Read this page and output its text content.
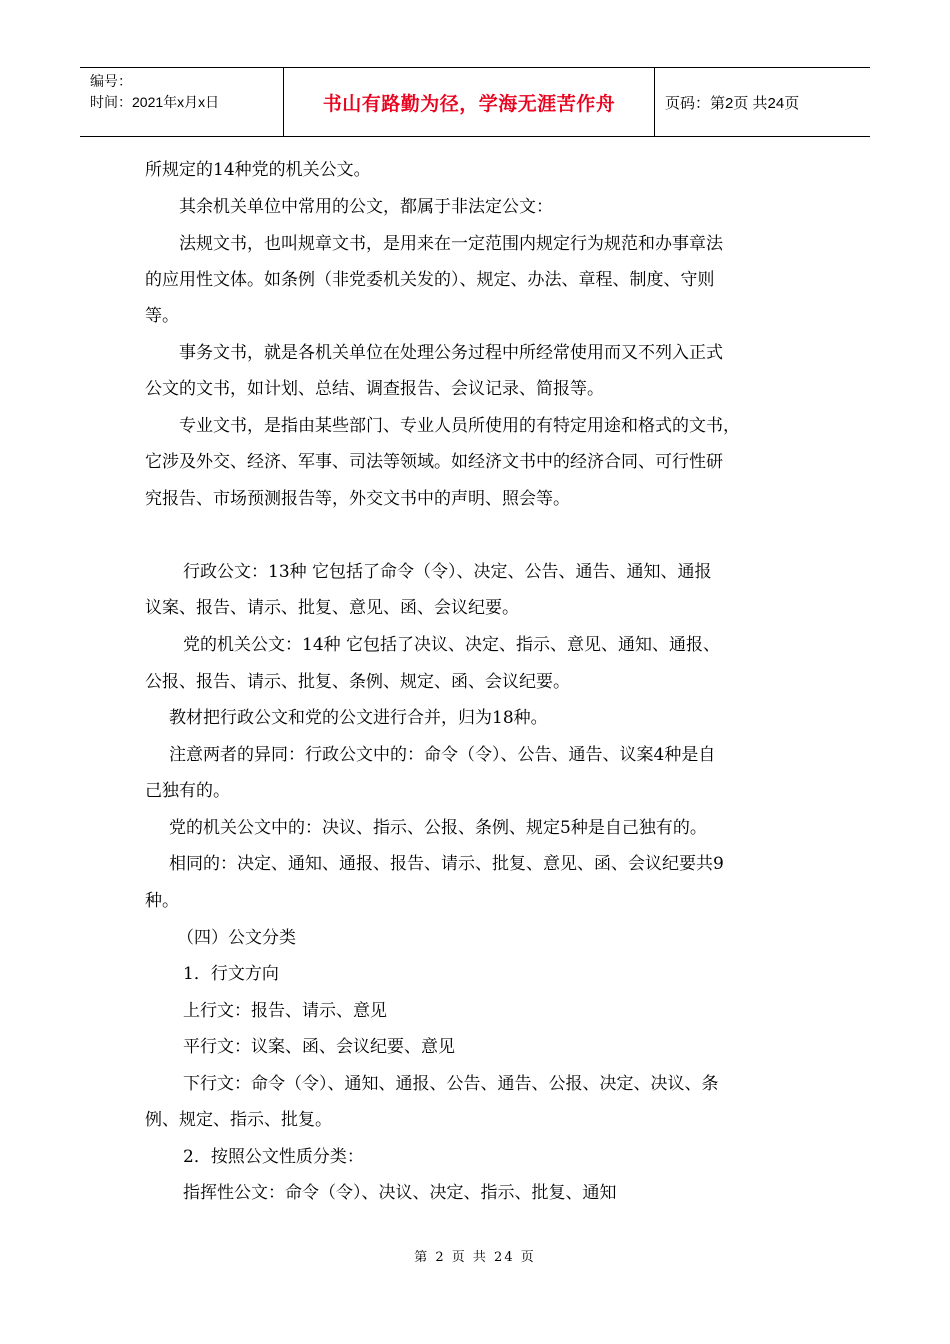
编号：
时间：2021年x月x日	书山有路勤为径，学海无涯苦作舟	页码：第2页 共24页
所规定的14种党的机关公文。
其余机关单位中常用的公文，都属于非法定公文：
法规文书，也叫规章文书，是用来在一定范围内规定行为规范和办事章法
的应用性文体。如条例（非党委机关发的）、规定、办法、章程、制度、守则
等。
事务文书，就是各机关单位在处理公务过程中所经常使用而又不列入正式
公文的文书，如计划、总结、调查报告、会议记录、简报等。
专业文书，是指由某些部门、专业人员所使用的有特定用途和格式的文书，
它涉及外交、经济、军事、司法等领域。如经济文书中的经济合同、可行性研
究报告、市场预测报告等，外交文书中的声明、照会等。
行政公文：13种 它包括了命令（令）、决定、公告、通告、通知、通报
议案、报告、请示、批复、意见、函、会议纪要。
党的机关公文：14种 它包括了决议、决定、指示、意见、通知、通报、
公报、报告、请示、批复、条例、规定、函、会议纪要。
教材把行政公文和党的公文进行合并，归为18种。
注意两者的异同：行政公文中的：命令（令）、公告、通告、议案4种是自
己独有的。
党的机关公文中的：决议、指示、公报、条例、规定5种是自己独有的。
相同的：决定、通知、通报、报告、请示、批复、意见、函、会议纪要共9
种。
（四）公文分类
1．行文方向
上行文：报告、请示、意见
平行文：议案、函、会议纪要、意见
下行文：命令（令）、通知、通报、公告、通告、公报、决定、决议、条
例、规定、指示、批复。
2．按照公文性质分类：
指挥性公文：命令（令）、决议、决定、指示、批复、通知
第 2 页 共 24 页
